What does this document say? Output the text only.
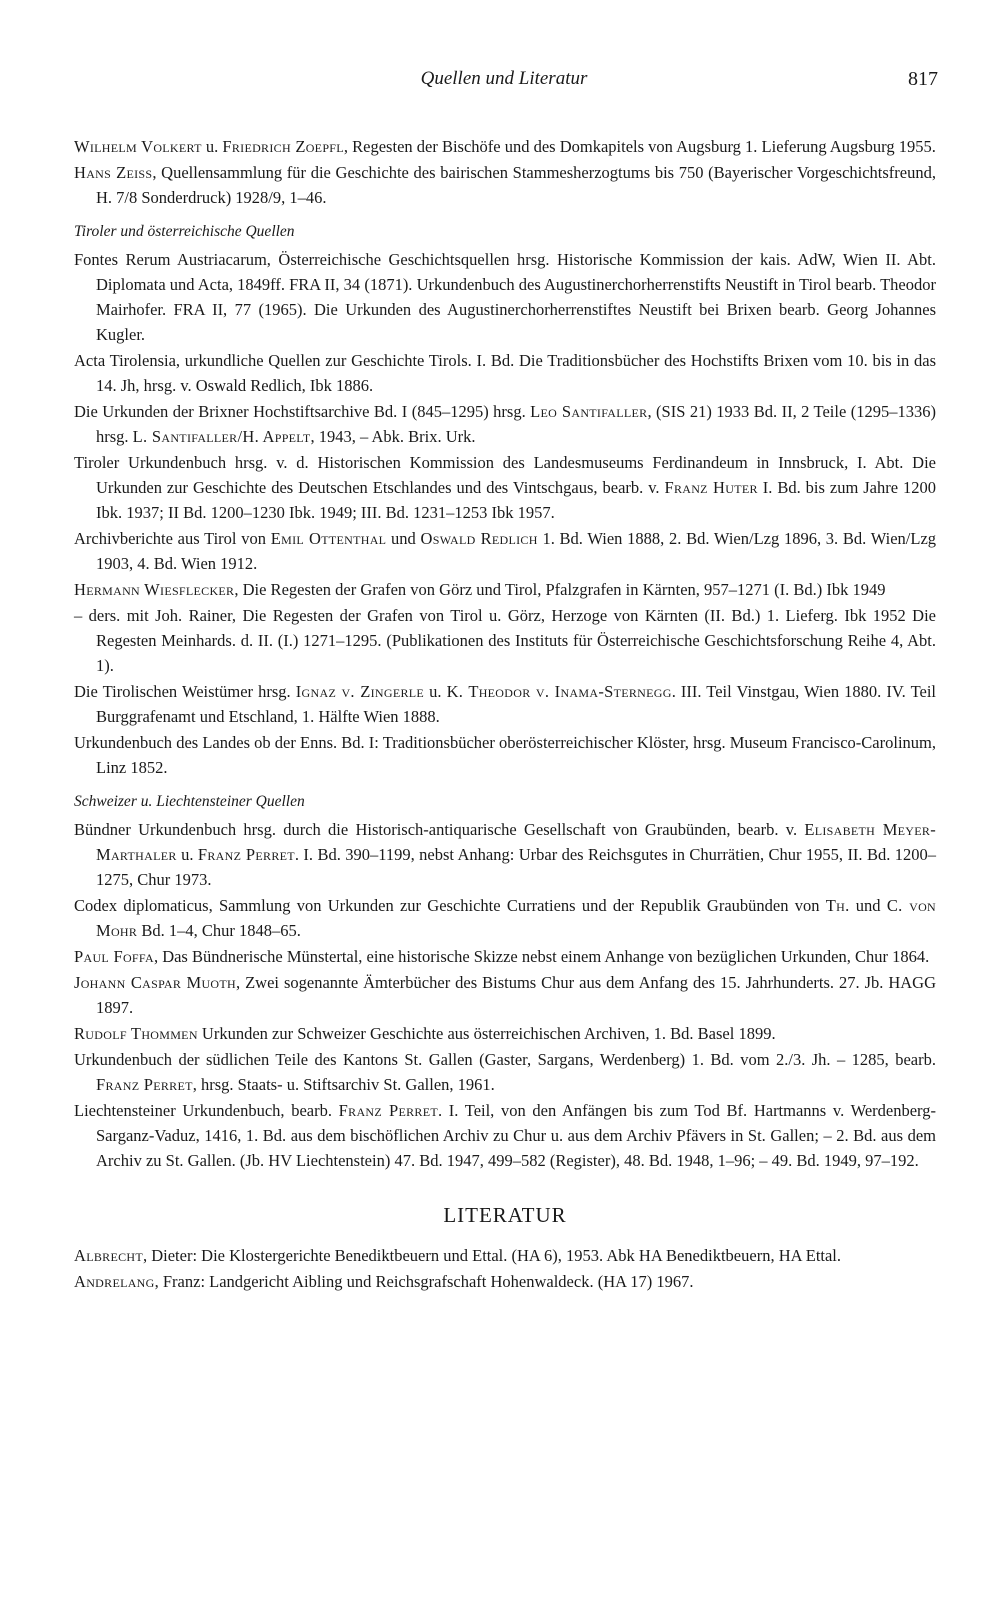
Quellen und Literatur	817

Wilhelm Volkert u. Friedrich Zoepfl, Regesten der Bischöfe und des Domkapitels von Augsburg 1. Lieferung Augsburg 1955.

Hans Zeiss, Quellensammlung für die Geschichte des bairischen Stammesherzogtums bis 750 (Bayerischer Vorgeschichtsfreund, H. 7/8 Sonderdruck) 1928/9, 1–46.

Tiroler und österreichische Quellen

Fontes Rerum Austriacarum, Österreichische Geschichtsquellen hrsg. Historische Kommission der kais. AdW, Wien II. Abt. Diplomata und Acta, 1849ff. FRA II, 34 (1871). Urkundenbuch des Augustinerchorherrenstifts Neustift in Tirol bearb. Theodor Mairhofer. FRA II, 77 (1965). Die Urkunden des Augustinerchorherrenstiftes Neustift bei Brixen bearb. Georg Johannes Kugler.

Acta Tirolensia, urkundliche Quellen zur Geschichte Tirols. I. Bd. Die Traditionsbücher des Hochstifts Brixen vom 10. bis in das 14. Jh, hrsg. v. Oswald Redlich, Ibk 1886.

Die Urkunden der Brixner Hochstiftsarchive Bd. I (845–1295) hrsg. Leo Santifaller, (SIS 21) 1933 Bd. II, 2 Teile (1295–1336) hrsg. L. Santifaller/H. Appelt, 1943, – Abk. Brix. Urk.

Tiroler Urkundenbuch hrsg. v. d. Historischen Kommission des Landesmuseums Ferdinandeum in Innsbruck, I. Abt. Die Urkunden zur Geschichte des Deutschen Etschlandes und des Vintschgaus, bearb. v. Franz Huter I. Bd. bis zum Jahre 1200 Ibk. 1937; II Bd. 1200–1230 Ibk. 1949; III. Bd. 1231–1253 Ibk 1957.

Archivberichte aus Tirol von Emil Ottenthal und Oswald Redlich 1. Bd. Wien 1888, 2. Bd. Wien/Lzg 1896, 3. Bd. Wien/Lzg 1903, 4. Bd. Wien 1912.

Hermann Wiesflecker, Die Regesten der Grafen von Görz und Tirol, Pfalzgrafen in Kärnten, 957–1271 (I. Bd.) Ibk 1949

– ders. mit Joh. Rainer, Die Regesten der Grafen von Tirol u. Görz, Herzoge von Kärnten (II. Bd.) 1. Lieferg. Ibk 1952 Die Regesten Meinhards. d. II. (I.) 1271–1295. (Publikationen des Instituts für Österreichische Geschichtsforschung Reihe 4, Abt. 1).

Die Tirolischen Weistümer hrsg. Ignaz v. Zingerle u. K. Theodor v. Inama-Sternegg. III. Teil Vinstgau, Wien 1880. IV. Teil Burggrafenamt und Etschland, 1. Hälfte Wien 1888.

Urkundenbuch des Landes ob der Enns. Bd. I: Traditionsbücher oberösterreichischer Klöster, hrsg. Museum Francisco-Carolinum, Linz 1852.

Schweizer u. Liechtensteiner Quellen

Bündner Urkundenbuch hrsg. durch die Historisch-antiquarische Gesellschaft von Graubünden, bearb. v. Elisabeth Meyer-Marthaler u. Franz Perret. I. Bd. 390–1199, nebst Anhang: Urbar des Reichsgutes in Churrätien, Chur 1955, II. Bd. 1200–1275, Chur 1973.

Codex diplomaticus, Sammlung von Urkunden zur Geschichte Curratiens und der Republik Graubünden von Th. und C. von Mohr Bd. 1–4, Chur 1848–65.

Paul Foffa, Das Bündnerische Münstertal, eine historische Skizze nebst einem Anhange von bezüglichen Urkunden, Chur 1864.

Johann Caspar Muoth, Zwei sogenannte Ämterbücher des Bistums Chur aus dem Anfang des 15. Jahrhunderts. 27. Jb. HAGG 1897.

Rudolf Thommen Urkunden zur Schweizer Geschichte aus österreichischen Archiven, 1. Bd. Basel 1899.

Urkundenbuch der südlichen Teile des Kantons St. Gallen (Gaster, Sargans, Werdenberg) 1. Bd. vom 2./3. Jh. – 1285, bearb. Franz Perret, hrsg. Staats- u. Stiftsarchiv St. Gallen, 1961.

Liechtensteiner Urkundenbuch, bearb. Franz Perret. I. Teil, von den Anfängen bis zum Tod Bf. Hartmanns v. Werdenberg-Sarganz-Vaduz, 1416, 1. Bd. aus dem bischöflichen Archiv zu Chur u. aus dem Archiv Pfävers in St. Gallen; – 2. Bd. aus dem Archiv zu St. Gallen. (Jb. HV Liechtenstein) 47. Bd. 1947, 499–582 (Register), 48. Bd. 1948, 1–96; – 49. Bd. 1949, 97–192.

LITERATUR

Albrecht, Dieter: Die Klostergerichte Benediktbeuern und Ettal. (HA 6), 1953. Abk HA Benediktbeuern, HA Ettal.

Andrelang, Franz: Landgericht Aibling und Reichsgrafschaft Hohenwaldeck. (HA 17) 1967.
